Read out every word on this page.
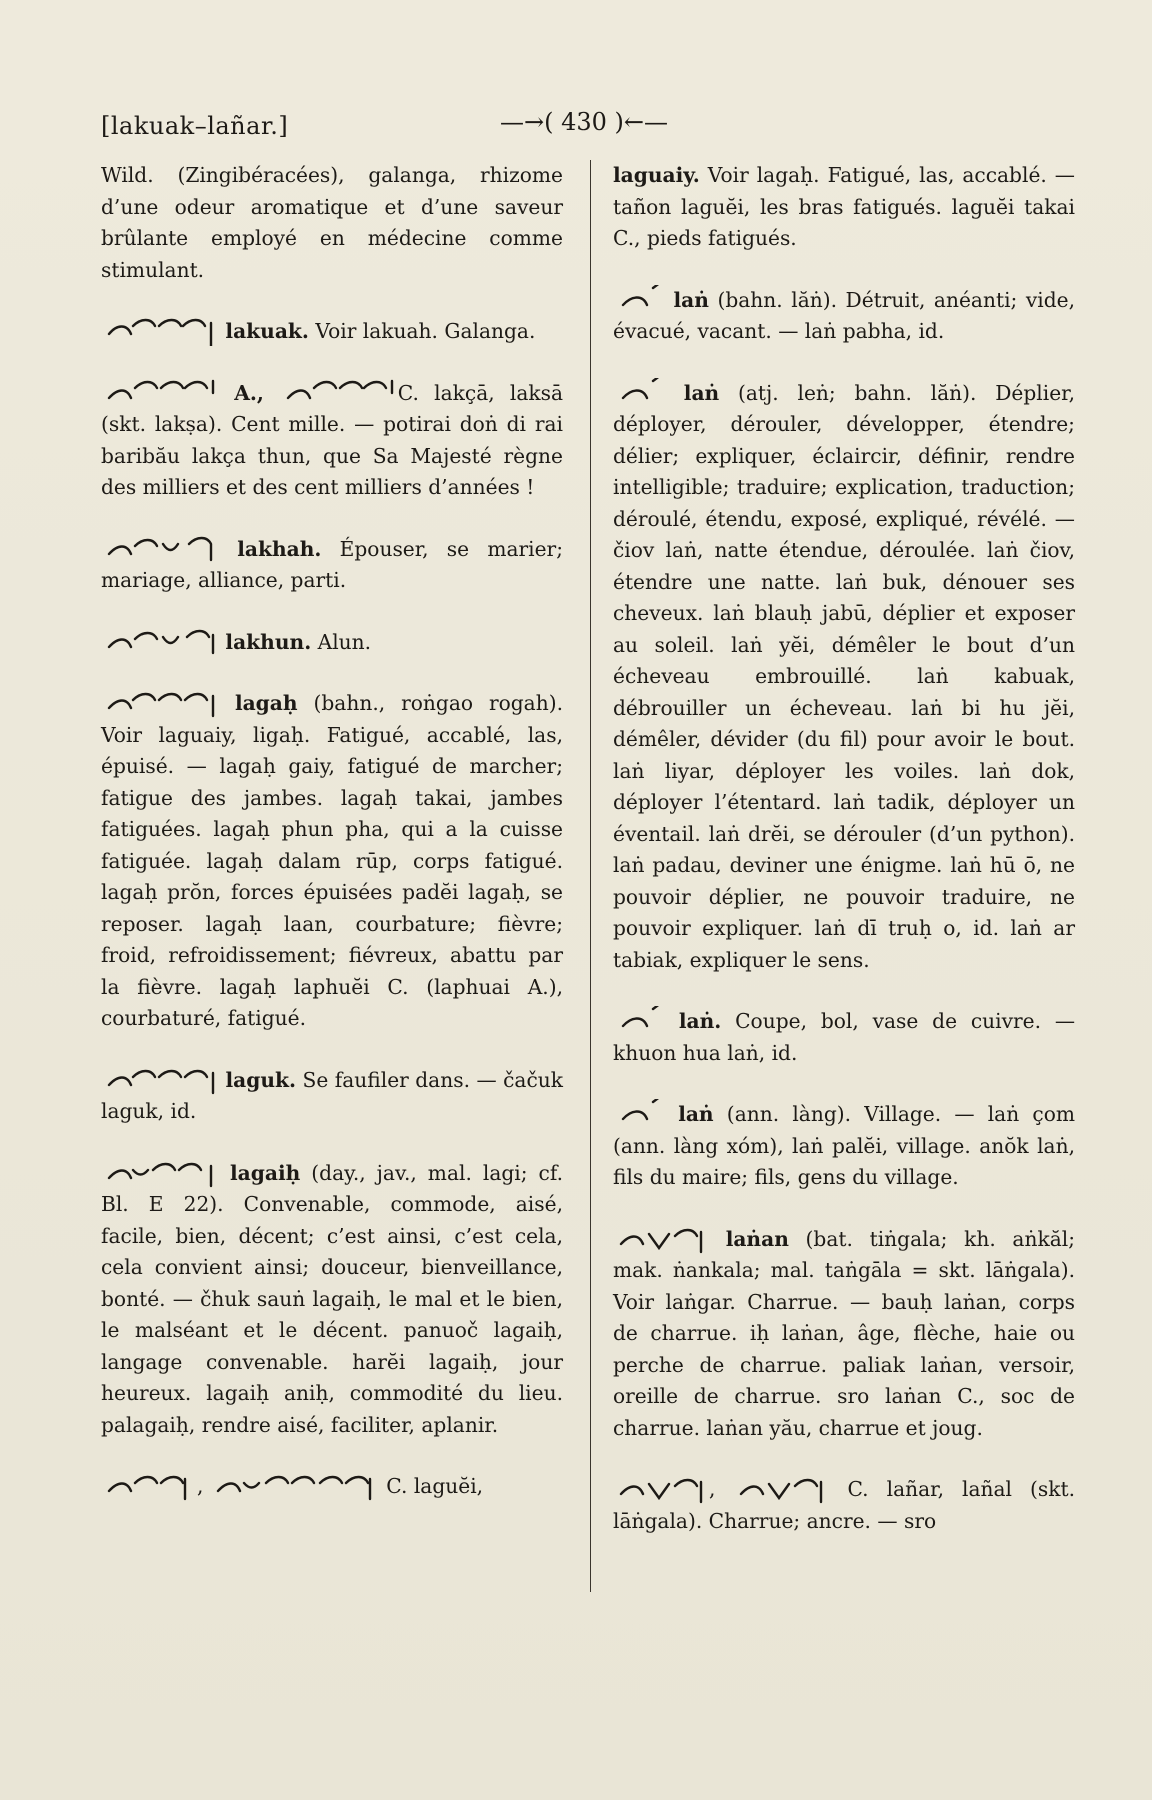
[lakuak–lañar.]	—→( 430 )←—

Wild. (Zingibéracées), galanga, rhizome d’une odeur aromatique et d’une saveur brûlante employé en médecine comme stimulant.

lakuak. Voir lakuah. Galanga.

A.,	C. lakçā, laksā (skt. lakṣa). Cent mille. — potirai doṅ di rai baribău lakça thun, que Sa Majesté règne des milliers et des cent milliers d’années !

lakhah. Épouser, se marier; mariage, alliance, parti.

lakhun. Alun.

lagaḥ (bahn., roṅgao rogah). Voir laguaiy, ligaḥ. Fatigué, accablé, las, épuisé. — lagaḥ gaiy, fatigué de marcher; fatigue des jambes. lagaḥ takai, jambes fatiguées. lagaḥ phun pha, qui a la cuisse fatiguée. lagaḥ dalam rūp, corps fatigué. lagaḥ prŏn, forces épuisées padĕi lagaḥ, se reposer. lagaḥ laan, courbature; fièvre; froid, refroidissement; fiévreux, abattu par la fièvre. lagaḥ laphuĕi C. (laphuai A.), courbaturé, fatigué.

laguk. Se faufiler dans. — čačuk laguk, id.

lagaiḥ (day., jav., mal. lagi; cf. Bl. E 22). Convenable, commode, aisé, facile, bien, décent; c’est ainsi, c’est cela, cela convient ainsi; douceur, bienveillance, bonté. — čhuk sauṅ lagaiḥ, le mal et le bien, le malséant et le décent. panuoč lagaiḥ, langage convenable. harĕi lagaiḥ, jour heureux. lagaiḥ aniḥ, commodité du lieu. palagaiḥ, rendre aisé, faciliter, aplanir.

,	C. laguĕi,

laguaiy. Voir lagaḥ. Fatigué, las, accablé. — tañon laguĕi, les bras fatigués. laguĕi takai C., pieds fatigués.

laṅ (bahn. lăṅ). Détruit, anéanti; vide, évacué, vacant. — laṅ pabha, id.

laṅ (atj. leṅ; bahn. lăṅ). Déplier, déployer, dérouler, développer, étendre; délier; expliquer, éclaircir, définir, rendre intelligible; traduire; explication, traduction; déroulé, étendu, exposé, expliqué, révélé. — čiov laṅ, natte étendue, déroulée. laṅ čiov, étendre une natte. laṅ buk, dénouer ses cheveux. laṅ blauḥ jabū, déplier et exposer au soleil. laṅ yĕi, démêler le bout d’un écheveau embrouillé. laṅ kabuak, débrouiller un écheveau. laṅ bi hu jĕi, démêler, dévider (du fil) pour avoir le bout. laṅ liyar, déployer les voiles. laṅ dok, déployer l’étentard. laṅ tadik, déployer un éventail. laṅ drĕi, se dérouler (d’un python). laṅ padau, deviner une énigme. laṅ hū ō, ne pouvoir déplier, ne pouvoir traduire, ne pouvoir expliquer. laṅ dī truḥ o, id. laṅ ar tabiak, expliquer le sens.

laṅ. Coupe, bol, vase de cuivre. — khuon hua laṅ, id.

laṅ (ann. làng). Village. — laṅ çom (ann. làng xóm), laṅ palĕi, village. anŏk laṅ, fils du maire; fils, gens du village.

laṅan (bat. tiṅgala; kh. aṅkăl; mak. ṅankala; mal. taṅgāla = skt. lāṅgala). Voir laṅgar. Charrue. — bauḥ laṅan, corps de charrue. iḥ laṅan, âge, flèche, haie ou perche de charrue. paliak laṅan, versoir, oreille de charrue. sro laṅan C., soc de charrue. laṅan yău, charrue et joug.

,	C. lañar, lañal (skt. lāṅgala). Charrue; ancre. — sro
